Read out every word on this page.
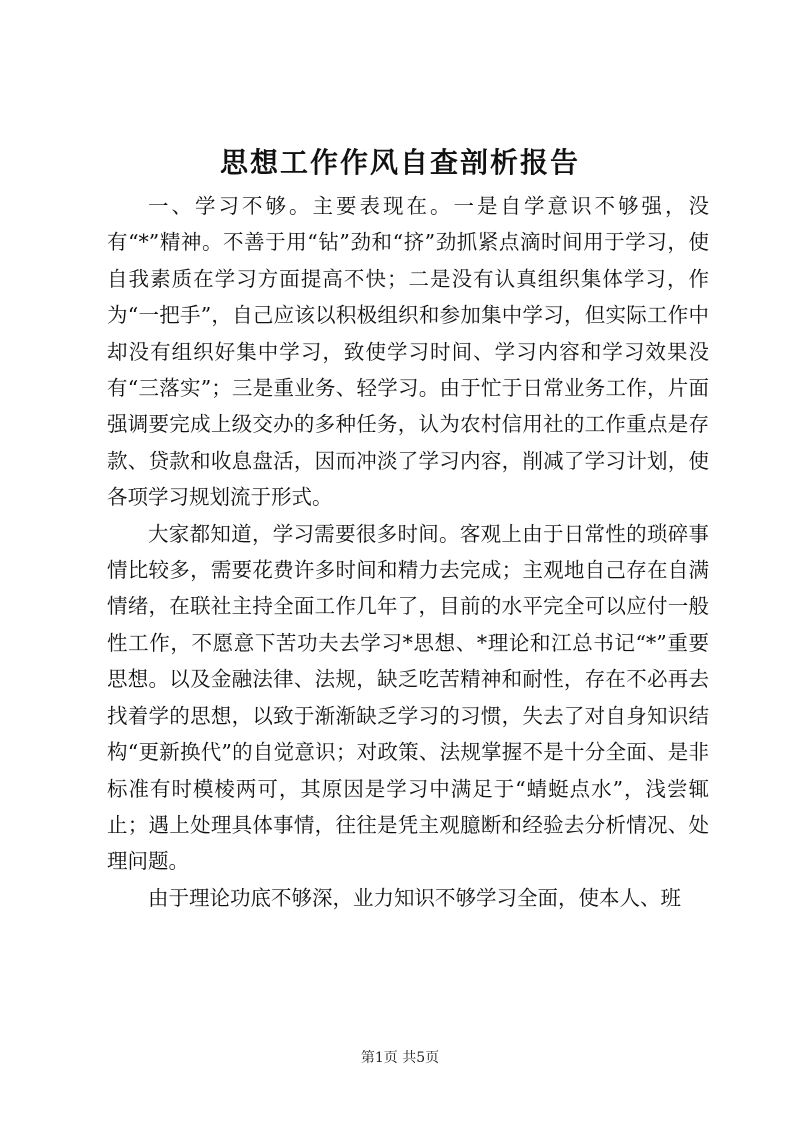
思想工作作风自查剖析报告

一、学习不够。主要表现在。一是自学意识不够强，没有“*”精神。不善于用“钻”劲和“挤”劲抓紧点滴时间用于学习，使自我素质在学习方面提高不快；二是没有认真组织集体学习，作为“一把手”，自己应该以积极组织和参加集中学习，但实际工作中却没有组织好集中学习，致使学习时间、学习内容和学习效果没有“三落实”；三是重业务、轻学习。由于忙于日常业务工作，片面强调要完成上级交办的多种任务，认为农村信用社的工作重点是存款、贷款和收息盘活，因而冲淡了学习内容，削减了学习计划，使各项学习规划流于形式。

大家都知道，学习需要很多时间。客观上由于日常性的琐碎事情比较多，需要花费许多时间和精力去完成；主观地自己存在自满情绪，在联社主持全面工作几年了，目前的水平完全可以应付一般性工作，不愿意下苦功夫去学习*思想、*理论和江总书记“*”重要思想。以及金融法律、法规，缺乏吃苦精神和耐性，存在不必再去找着学的思想，以致于渐渐缺乏学习的习惯，失去了对自身知识结构“更新换代”的自觉意识；对政策、法规掌握不是十分全面、是非标准有时模棱两可，其原因是学习中满足于“蜻蜓点水”，浅尝辄止；遇上处理具体事情，往往是凭主观臆断和经验去分析情况、处理问题。

由于理论功底不够深，业力知识不够学习全面，使本人、班

第1页 共5页
